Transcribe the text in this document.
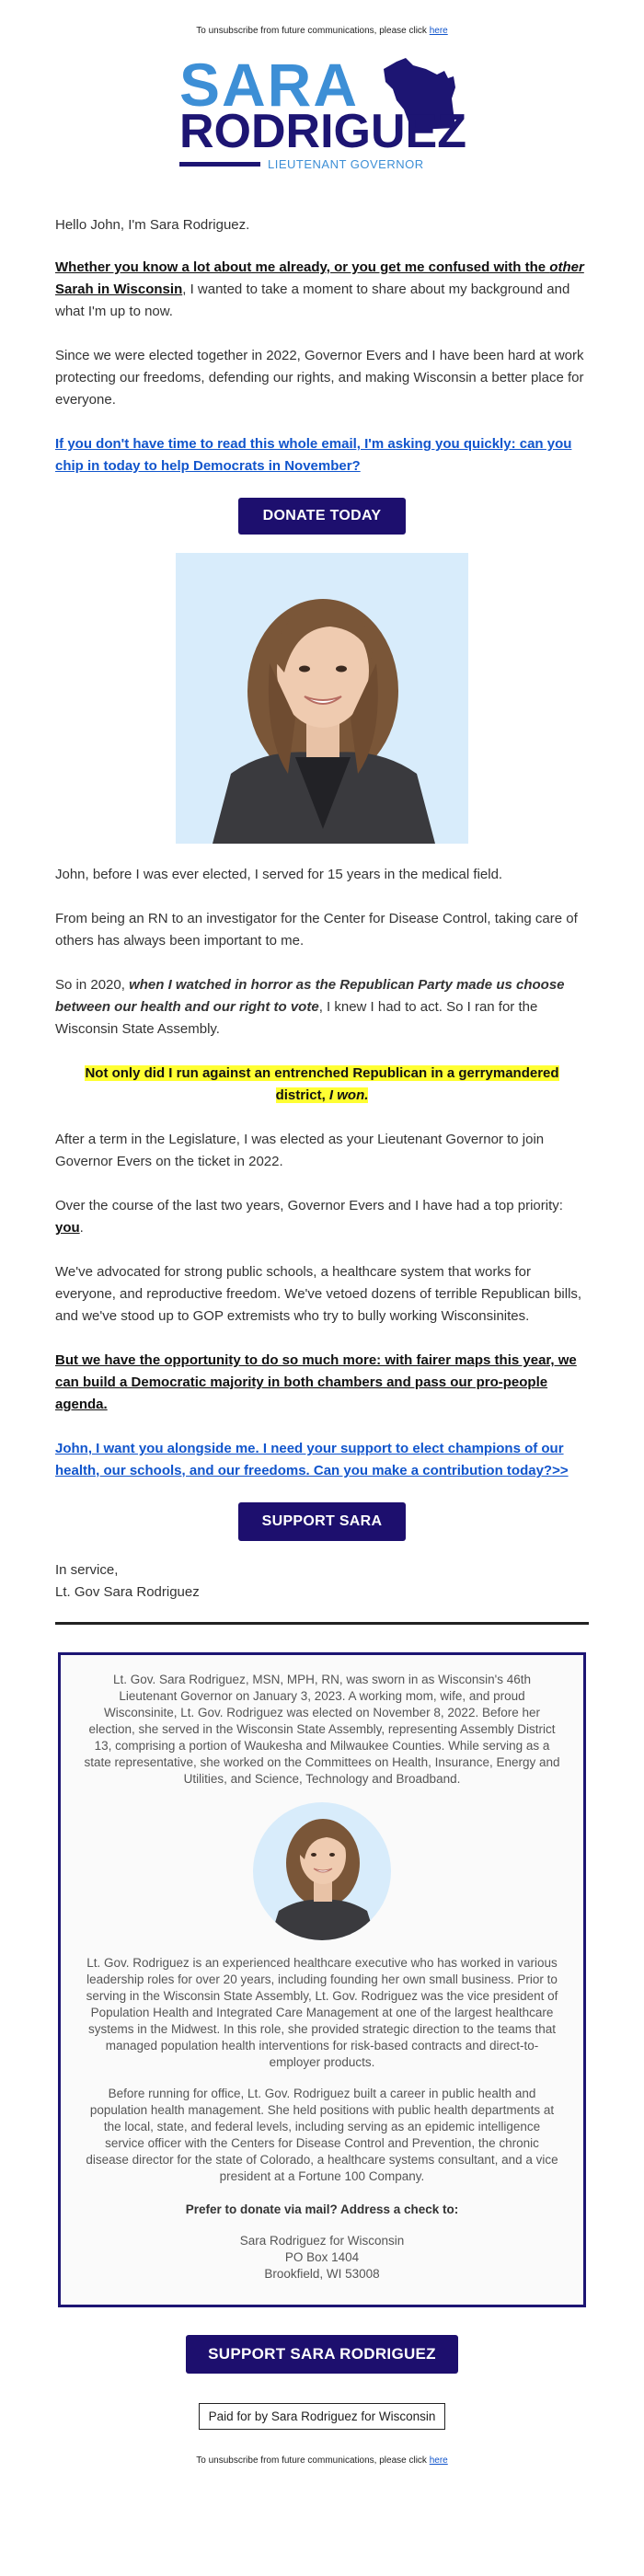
To unsubscribe from future communications, please click here
SARA
RODRIGUEZ
LIEUTENANT GOVERNOR

Hello John, I'm Sara Rodriguez.

Whether you know a lot about me already, or you get me confused with the other Sarah in Wisconsin, I wanted to take a moment to share about my background and what I'm up to now.

Since we were elected together in 2022, Governor Evers and I have been hard at work protecting our freedoms, defending our rights, and making Wisconsin a better place for everyone.

If you don't have time to read this whole email, I'm asking you quickly: can you chip in today to help Democrats in November?

DONATE TODAY

John, before I was ever elected, I served for 15 years in the medical field.

From being an RN to an investigator for the Center for Disease Control, taking care of others has always been important to me.

So in 2020, when I watched in horror as the Republican Party made us choose between our health and our right to vote, I knew I had to act. So I ran for the Wisconsin State Assembly.

Not only did I run against an entrenched Republican in a gerrymandered district, I won.

After a term in the Legislature, I was elected as your Lieutenant Governor to join Governor Evers on the ticket in 2022.

Over the course of the last two years, Governor Evers and I have had a top priority: you.

We've advocated for strong public schools, a healthcare system that works for everyone, and reproductive freedom. We've vetoed dozens of terrible Republican bills, and we've stood up to GOP extremists who try to bully working Wisconsinites.

But we have the opportunity to do so much more: with fairer maps this year, we can build a Democratic majority in both chambers and pass our pro-people agenda.

John, I want you alongside me. I need your support to elect champions of our health, our schools, and our freedoms. Can you make a contribution today?>>

SUPPORT SARA

In service,

Lt. Gov Sara Rodriguez

Lt. Gov. Sara Rodriguez, MSN, MPH, RN, was sworn in as Wisconsin's 46th Lieutenant Governor on January 3, 2023. A working mom, wife, and proud Wisconsinite, Lt. Gov. Rodriguez was elected on November 8, 2022. Before her election, she served in the Wisconsin State Assembly, representing Assembly District 13, comprising a portion of Waukesha and Milwaukee Counties. While serving as a state representative, she worked on the Committees on Health, Insurance, Energy and Utilities, and Science, Technology and Broadband.

Lt. Gov. Rodriguez is an experienced healthcare executive who has worked in various leadership roles for over 20 years, including founding her own small business. Prior to serving in the Wisconsin State Assembly, Lt. Gov. Rodriguez was the vice president of Population Health and Integrated Care Management at one of the largest healthcare systems in the Midwest. In this role, she provided strategic direction to the teams that managed population health interventions for risk-based contracts and direct-to-employer products.

Before running for office, Lt. Gov. Rodriguez built a career in public health and population health management. She held positions with public health departments at the local, state, and federal levels, including serving as an epidemic intelligence service officer with the Centers for Disease Control and Prevention, the chronic disease director for the state of Colorado, a healthcare systems consultant, and a vice president at a Fortune 100 Company.

Prefer to donate via mail? Address a check to:

Sara Rodriguez for Wisconsin
PO Box 1404
Brookfield, WI 53008

SUPPORT SARA RODRIGUEZ
Paid for by Sara Rodriguez for Wisconsin
To unsubscribe from future communications, please click here
